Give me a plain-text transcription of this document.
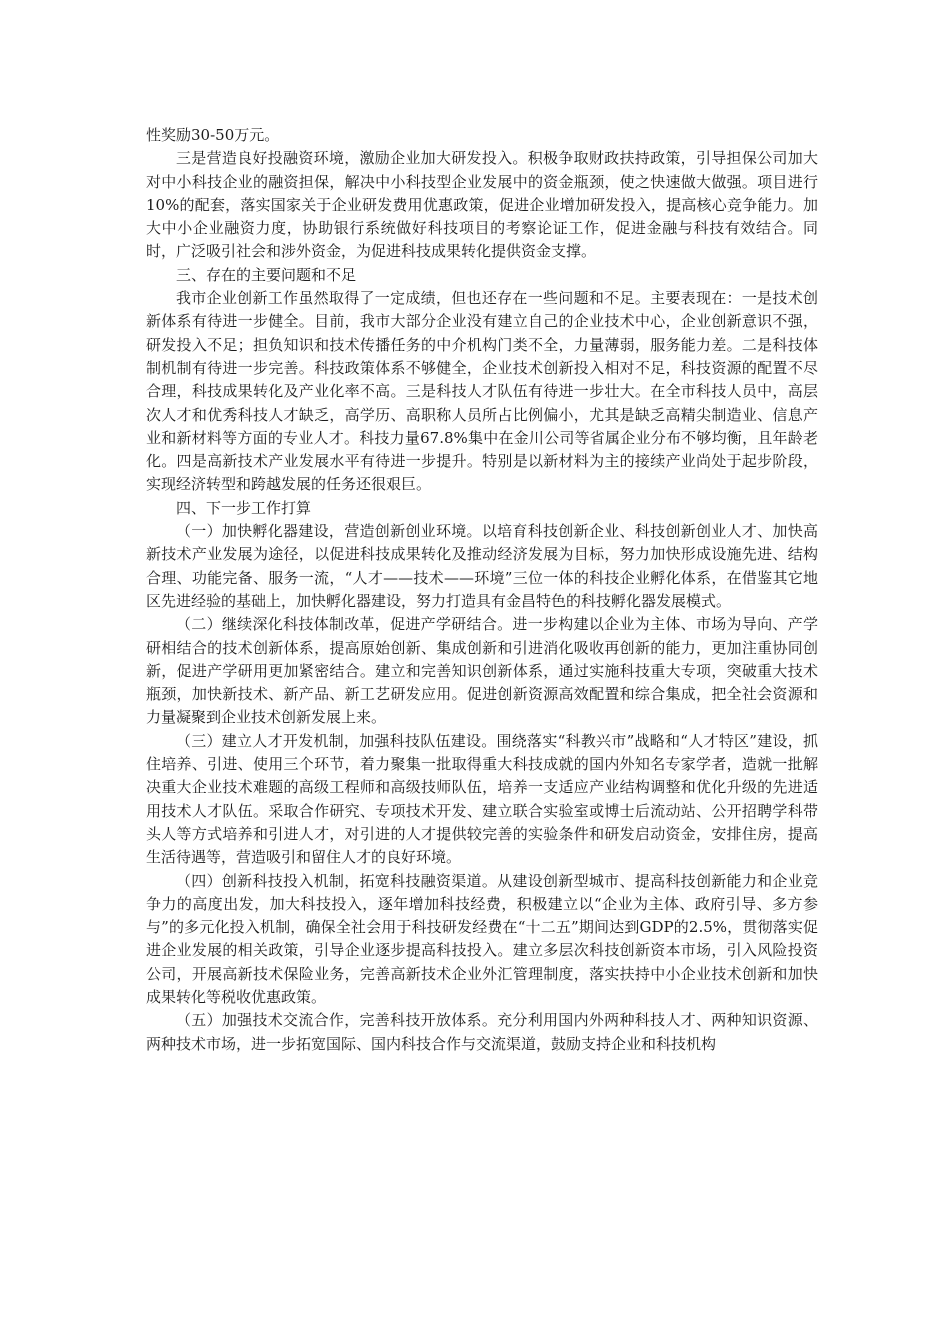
性奖励30-50万元。

三是营造良好投融资环境，激励企业加大研发投入。积极争取财政扶持政策，引导担保公司加大对中小科技企业的融资担保，解决中小科技型企业发展中的资金瓶颈，使之快速做大做强。项目进行10%的配套，落实国家关于企业研发费用优惠政策，促进企业增加研发投入，提高核心竞争能力。加大中小企业融资力度，协助银行系统做好科技项目的考察论证工作，促进金融与科技有效结合。同时，广泛吸引社会和涉外资金，为促进科技成果转化提供资金支撑。

三、存在的主要问题和不足

我市企业创新工作虽然取得了一定成绩，但也还存在一些问题和不足。主要表现在：一是技术创新体系有待进一步健全。目前，我市大部分企业没有建立自己的企业技术中心，企业创新意识不强，研发投入不足；担负知识和技术传播任务的中介机构门类不全，力量薄弱，服务能力差。二是科技体制机制有待进一步完善。科技政策体系不够健全，企业技术创新投入相对不足，科技资源的配置不尽合理，科技成果转化及产业化率不高。三是科技人才队伍有待进一步壮大。在全市科技人员中，高层次人才和优秀科技人才缺乏，高学历、高职称人员所占比例偏小，尤其是缺乏高精尖制造业、信息产业和新材料等方面的专业人才。科技力量67.8%集中在金川公司等省属企业分布不够均衡，且年龄老化。四是高新技术产业发展水平有待进一步提升。特别是以新材料为主的接续产业尚处于起步阶段，实现经济转型和跨越发展的任务还很艰巨。

四、下一步工作打算

（一）加快孵化器建设，营造创新创业环境。以培育科技创新企业、科技创新创业人才、加快高新技术产业发展为途径，以促进科技成果转化及推动经济发展为目标，努力加快形成设施先进、结构合理、功能完备、服务一流，“人才——技术——环境”三位一体的科技企业孵化体系，在借鉴其它地区先进经验的基础上，加快孵化器建设，努力打造具有金昌特色的科技孵化器发展模式。

（二）继续深化科技体制改革，促进产学研结合。进一步构建以企业为主体、市场为导向、产学研相结合的技术创新体系，提高原始创新、集成创新和引进消化吸收再创新的能力，更加注重协同创新，促进产学研用更加紧密结合。建立和完善知识创新体系，通过实施科技重大专项，突破重大技术瓶颈，加快新技术、新产品、新工艺研发应用。促进创新资源高效配置和综合集成，把全社会资源和力量凝聚到企业技术创新发展上来。

（三）建立人才开发机制，加强科技队伍建设。围绕落实“科教兴市”战略和“人才特区”建设，抓住培养、引进、使用三个环节，着力聚集一批取得重大科技成就的国内外知名专家学者，造就一批解决重大企业技术难题的高级工程师和高级技师队伍，培养一支适应产业结构调整和优化升级的先进适用技术人才队伍。采取合作研究、专项技术开发、建立联合实验室或博士后流动站、公开招聘学科带头人等方式培养和引进人才，对引进的人才提供较完善的实验条件和研发启动资金，安排住房，提高生活待遇等，营造吸引和留住人才的良好环境。

（四）创新科技投入机制，拓宽科技融资渠道。从建设创新型城市、提高科技创新能力和企业竞争力的高度出发，加大科技投入，逐年增加科技经费，积极建立以“企业为主体、政府引导、多方参与”的多元化投入机制，确保全社会用于科技研发经费在“十二五”期间达到GDP的2.5%，贯彻落实促进企业发展的相关政策，引导企业逐步提高科技投入。建立多层次科技创新资本市场，引入风险投资公司，开展高新技术保险业务，完善高新技术企业外汇管理制度，落实扶持中小企业技术创新和加快成果转化等税收优惠政策。

（五）加强技术交流合作，完善科技开放体系。充分利用国内外两种科技人才、两种知识资源、两种技术市场，进一步拓宽国际、国内科技合作与交流渠道，鼓励支持企业和科技机构
